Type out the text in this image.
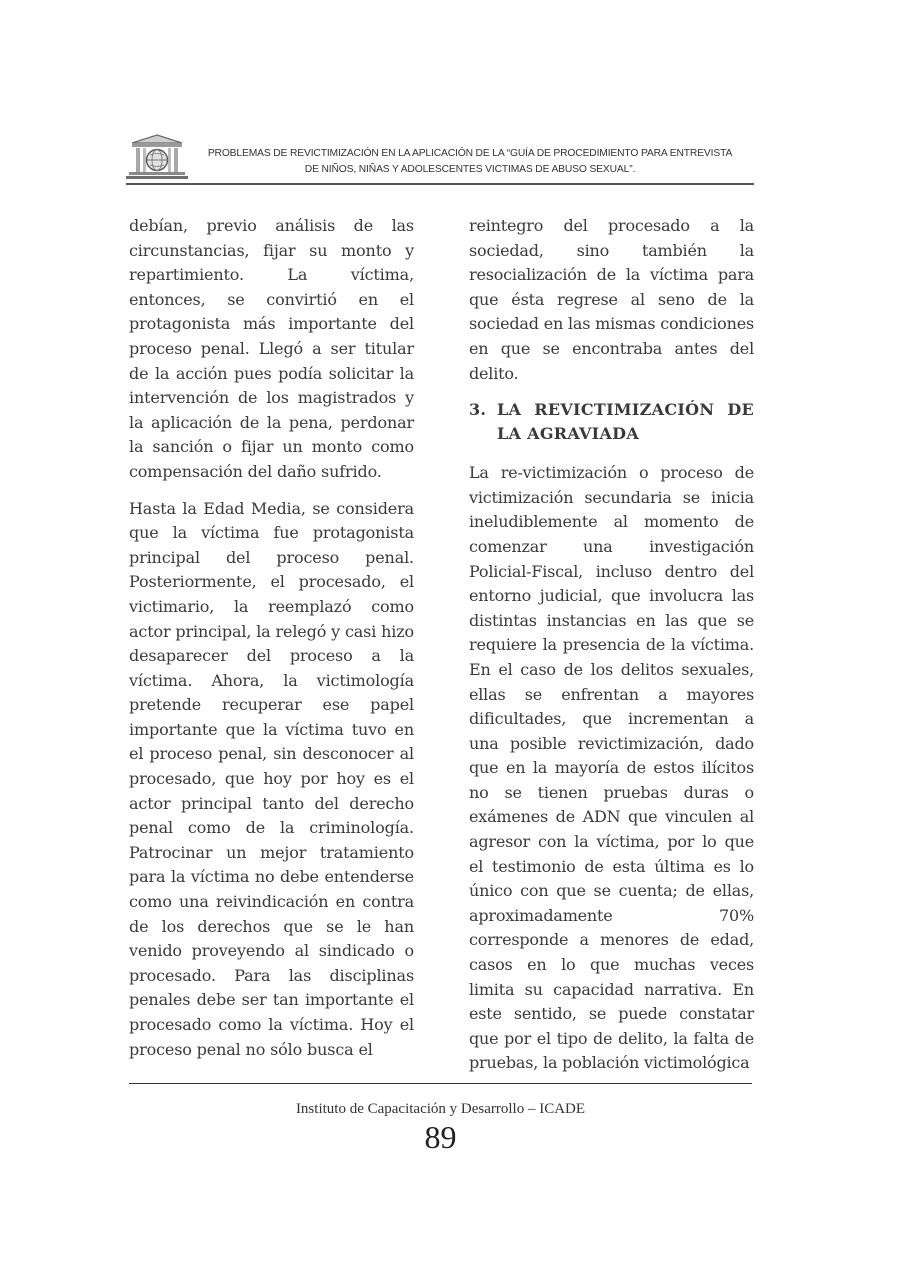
PROBLEMAS DE REVICTIMIZACIÓN EN LA APLICACIÓN DE LA “GUÍA DE PROCEDIMIENTO PARA ENTREVISTA
DE NIÑOS, NIÑAS Y ADOLESCENTES VICTIMAS DE ABUSO SEXUAL”.

debían, previo análisis de las circunstancias, fijar su monto y repartimiento. La víctima, entonces, se convirtió en el protagonista más importante del proceso penal. Llegó a ser titular de la acción pues podía solicitar la intervención de los magistrados y la aplicación de la pena, perdonar la sanción o fijar un monto como compensación del daño sufrido.

Hasta la Edad Media, se considera que la víctima fue protagonista principal del proceso penal. Posteriormente, el procesado, el victimario, la reemplazó como actor principal, la relegó y casi hizo desaparecer del proceso a la víctima. Ahora, la victimología pretende recuperar ese papel importante que la víctima tuvo en el proceso penal, sin desconocer al procesado, que hoy por hoy es el actor principal tanto del derecho penal como de la criminología. Patrocinar un mejor tratamiento para la víctima no debe entenderse como una reivindicación en contra de los derechos que se le han venido proveyendo al sindicado o procesado. Para las disciplinas penales debe ser tan importante el procesado como la víctima. Hoy el proceso penal no sólo busca el

reintegro del procesado a la sociedad, sino también la resocialización de la víctima para que ésta regrese al seno de la sociedad en las mismas condiciones en que se encontraba antes del delito.

3. LA REVICTIMIZACIÓN DE LA AGRAVIADA

La re-victimización o proceso de victimización secundaria se inicia ineludiblemente al momento de comenzar una investigación Policial-Fiscal, incluso dentro del entorno judicial, que involucra las distintas instancias en las que se requiere la presencia de la víctima. En el caso de los delitos sexuales, ellas se enfrentan a mayores dificultades, que incrementan a una posible revictimización, dado que en la mayoría de estos ilícitos no se tienen pruebas duras o exámenes de ADN que vinculen al agresor con la víctima, por lo que el testimonio de esta última es lo único con que se cuenta; de ellas, aproximadamente 70% corresponde a menores de edad, casos en lo que muchas veces limita su capacidad narrativa. En este sentido, se puede constatar que por el tipo de delito, la falta de pruebas, la población victimológica

Instituto de Capacitación y Desarrollo – ICADE
89
